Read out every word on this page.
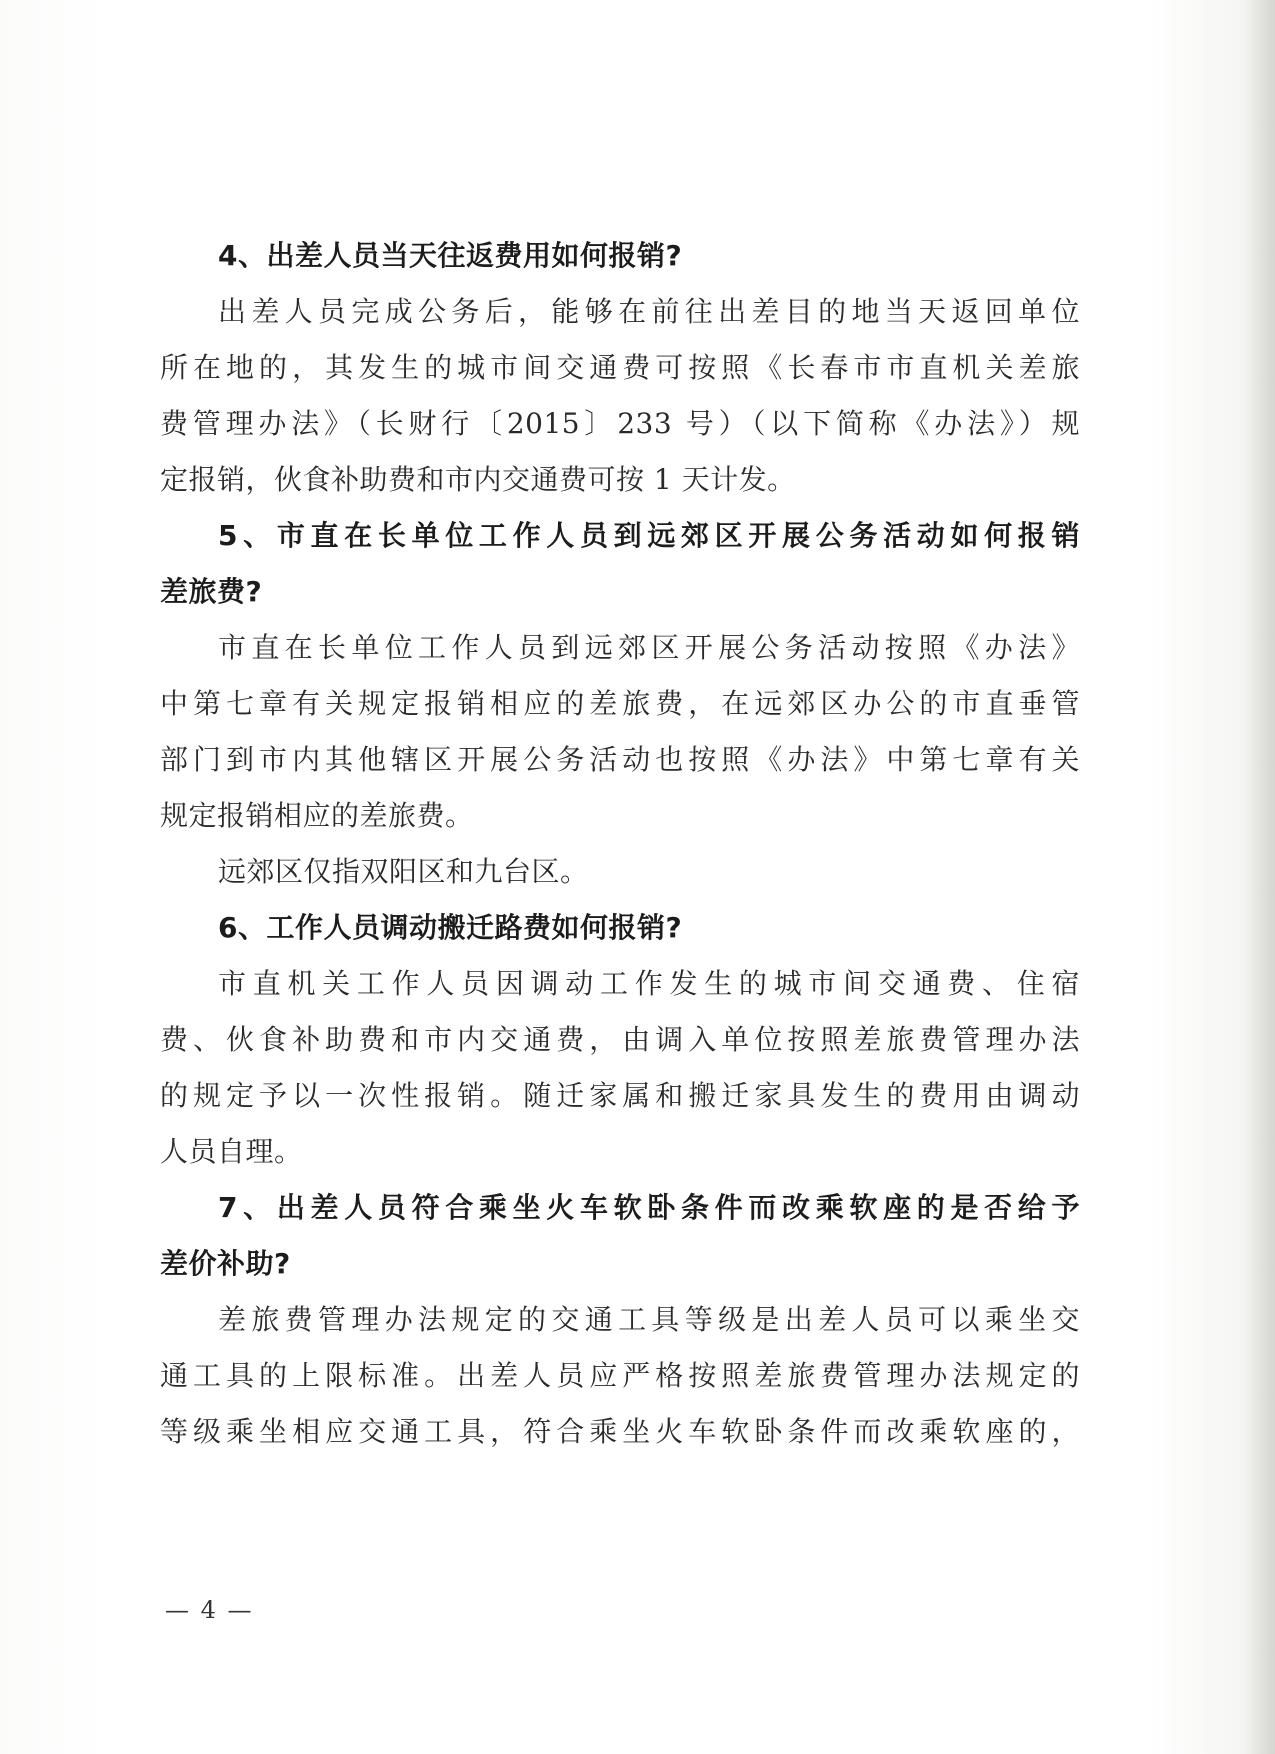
4、出差人员当天往返费用如何报销?
出差人员完成公务后，能够在前往出差目的地当天返回单位
所在地的，其发生的城市间交通费可按照《长春市市直机关差旅
费管理办法》（长财行〔2015〕233 号）（以下简称《办法》）规
定报销，伙食补助费和市内交通费可按 1 天计发。
5、市直在长单位工作人员到远郊区开展公务活动如何报销
差旅费?
市直在长单位工作人员到远郊区开展公务活动按照《办法》
中第七章有关规定报销相应的差旅费，在远郊区办公的市直垂管
部门到市内其他辖区开展公务活动也按照《办法》中第七章有关
规定报销相应的差旅费。
远郊区仅指双阳区和九台区。
6、工作人员调动搬迁路费如何报销?
市直机关工作人员因调动工作发生的城市间交通费、住宿
费、伙食补助费和市内交通费，由调入单位按照差旅费管理办法
的规定予以一次性报销。随迁家属和搬迁家具发生的费用由调动
人员自理。
7、出差人员符合乘坐火车软卧条件而改乘软座的是否给予
差价补助?
差旅费管理办法规定的交通工具等级是出差人员可以乘坐交
通工具的上限标准。出差人员应严格按照差旅费管理办法规定的
等级乘坐相应交通工具，符合乘坐火车软卧条件而改乘软座的，
— 4 —
